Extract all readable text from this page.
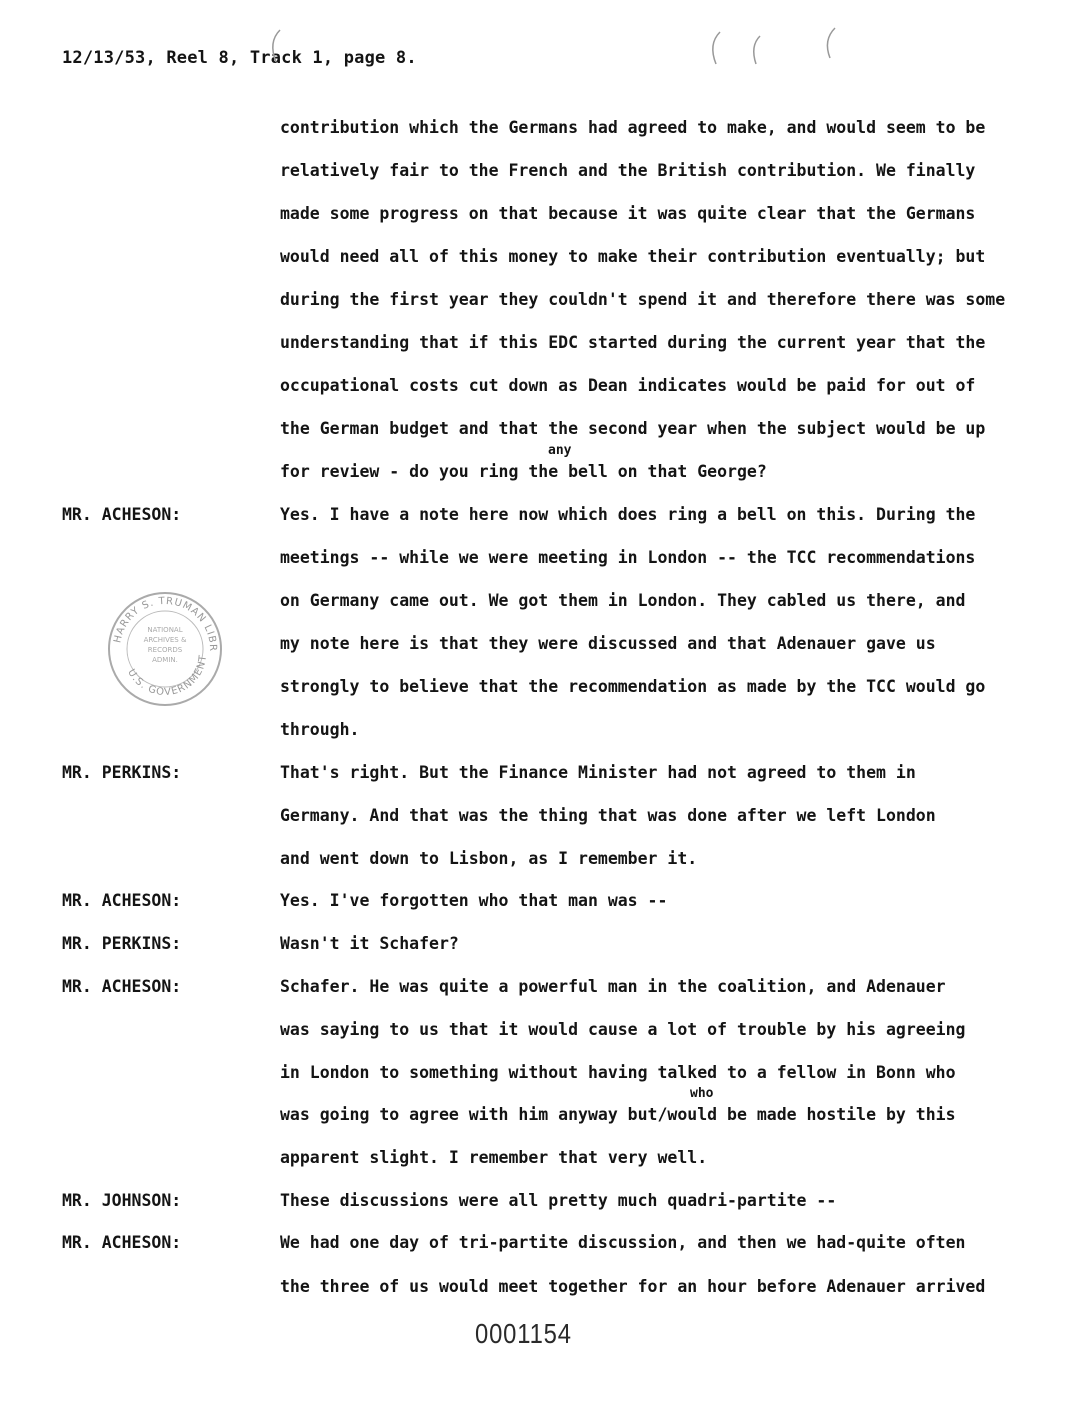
12/13/53, Reel 8, Track 1, page 8.
contribution which the Germans had agreed to make, and would seem to be
relatively fair to the French and the British contribution. We finally
made some progress on that because it was quite clear that the Germans
would need all of this money to make their contribution eventually; but
during the first year they couldn't spend it and therefore there was some
understanding that if this EDC started during the current year that the
occupational costs cut down as Dean indicates would be paid for out of
the German budget and that the second year when the subject would be up
any
for review - do you ring the bell on that George?
MR. ACHESON:	Yes. I have a note here now which does ring a bell on this. During the
meetings -- while we were meeting in London -- the TCC recommendations
on Germany came out. We got them in London. They cabled us there, and
my note here is that they were discussed and that Adenauer gave us
strongly to believe that the recommendation as made by the TCC would go
through.
HARRY S. TRUMAN LIBR
U.S. GOVERNMENT
NATIONAL
ARCHIVES &
RECORDS
ADMIN.
MR. PERKINS:	That's right. But the Finance Minister had not agreed to them in
Germany. And that was the thing that was done after we left London
and went down to Lisbon, as I remember it.
MR. ACHESON:	Yes. I've forgotten who that man was --
MR. PERKINS:	Wasn't it Schafer?
MR. ACHESON:	Schafer. He was quite a powerful man in the coalition, and Adenauer
was saying to us that it would cause a lot of trouble by his agreeing
in London to something without having talked to a fellow in Bonn who
who
was going to agree with him anyway but/would be made hostile by this
apparent slight. I remember that very well.
MR. JOHNSON:	These discussions were all pretty much quadri-partite --
MR. ACHESON:	We had one day of tri-partite discussion, and then we had-quite often
the three of us would meet together for an hour before Adenauer arrived
0001154
